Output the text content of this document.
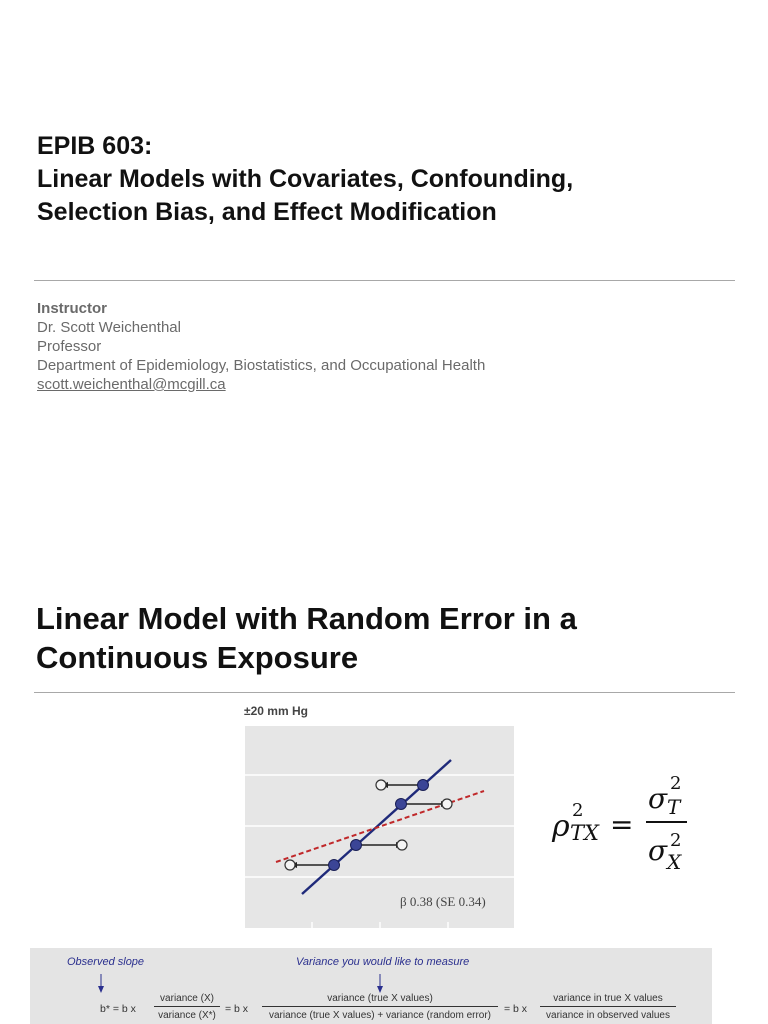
EPIB 603:
Linear Models with Covariates, Confounding,
Selection Bias, and Effect Modification
Instructor
Dr. Scott Weichenthal
Professor
Department of Epidemiology, Biostatistics, and Occupational Health
scott.weichenthal@mcgill.ca
Linear Model with Random Error in a
Continuous Exposure
±20 mm Hg
β 0.38 (SE 0.34)
ρ 2
TX =
σ 2
T
σ 2
X
Observed slope	Variance you would like to measure
b* = b x
variance (X)
variance (X*)
= b x
variance (true X values)
variance (true X values) + variance (random error)
= b x
variance in true X values
variance in observed values
